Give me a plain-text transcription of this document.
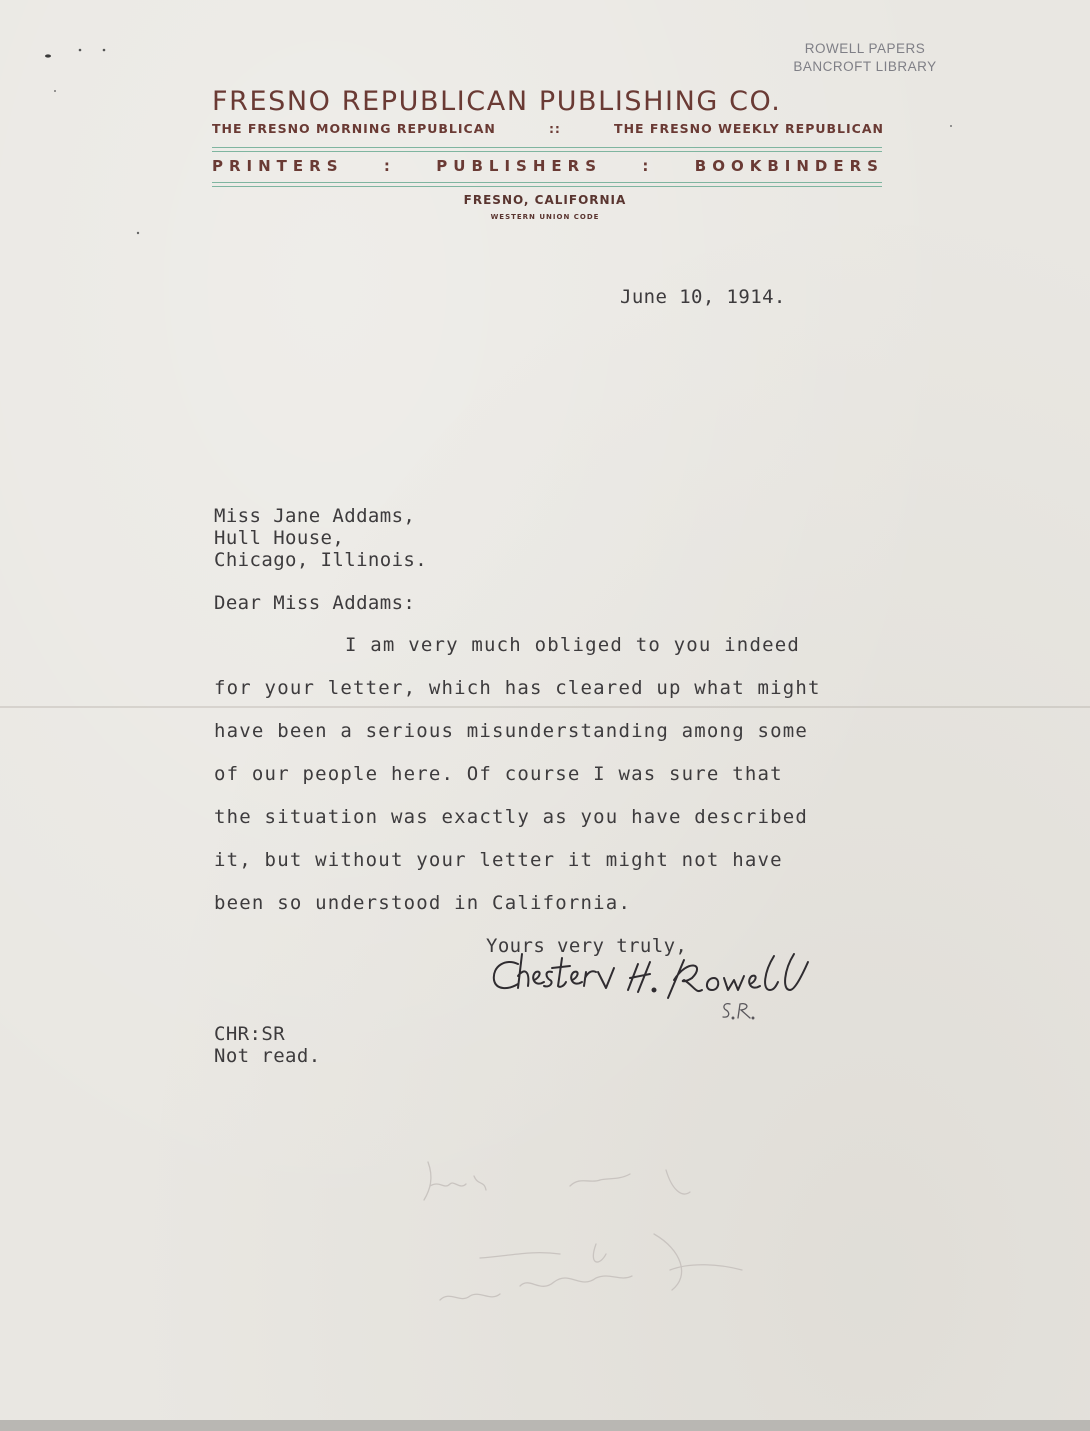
ROWELL PAPERS
BANCROFT LIBRARY
FRESNO REPUBLICAN PUBLISHING CO.
THE FRESNO MORNING REPUBLICAN	::	THE FRESNO WEEKLY REPUBLICAN
PRINTERS	:	PUBLISHERS	:	BOOKBINDERS
FRESNO, CALIFORNIA
WESTERN UNION CODE
June 10, 1914.
Miss Jane Addams,
Hull House,
Chicago, Illinois.
Dear Miss Addams:
I am very much obliged to you indeed
for your letter, which has cleared up what might
have been a serious misunderstanding among some
of our people here. Of course I was sure that
the situation was exactly as you have described
it, but without your letter it might not have
been so understood in California.
Yours very truly,
CHR:SR
Not read.
